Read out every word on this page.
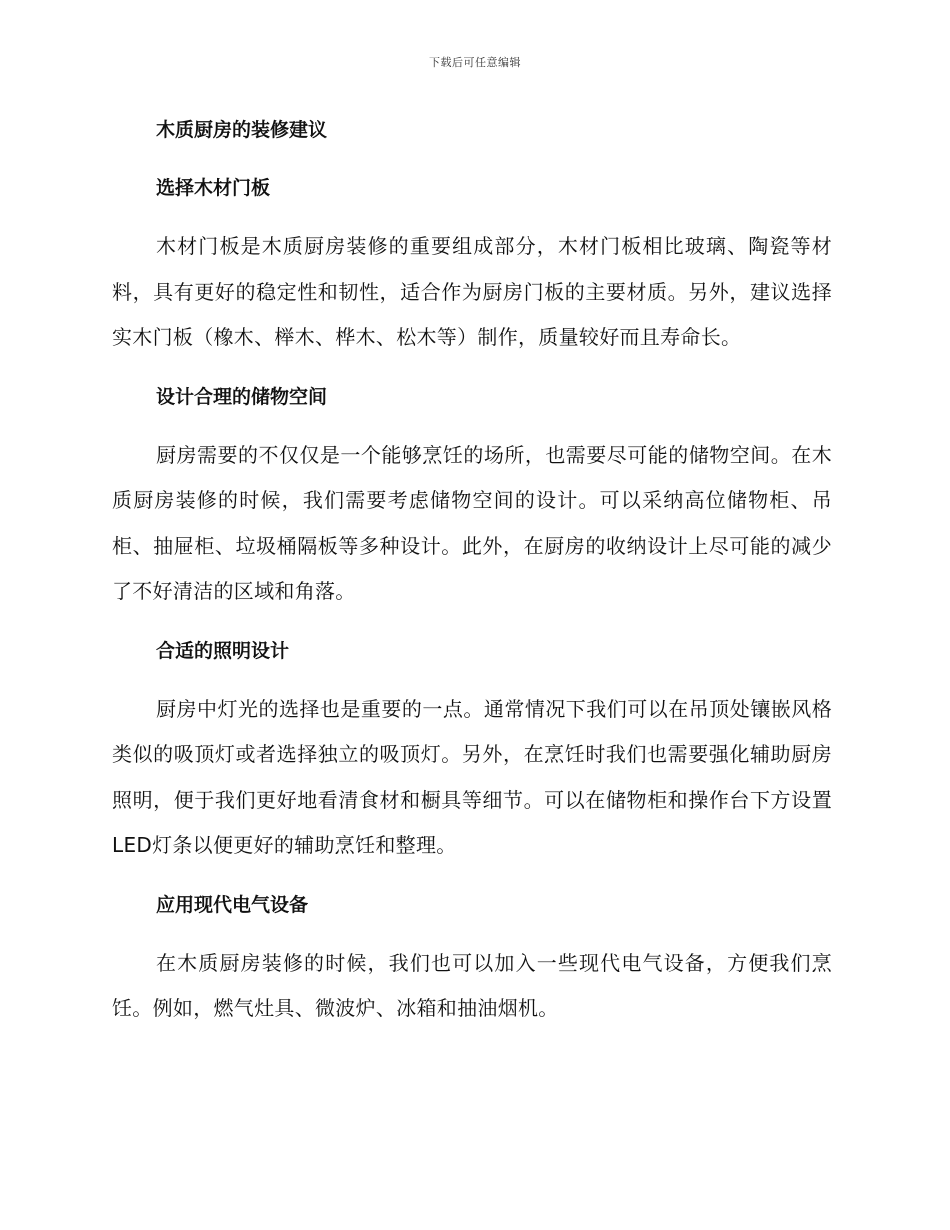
下载后可任意编辑
木质厨房的装修建议
选择木材门板

木材门板是木质厨房装修的重要组成部分，木材门板相比玻璃、陶瓷等材料，具有更好的稳定性和韧性，适合作为厨房门板的主要材质。另外，建议选择实木门板（橡木、榉木、桦木、松木等）制作，质量较好而且寿命长。

设计合理的储物空间

厨房需要的不仅仅是一个能够烹饪的场所，也需要尽可能的储物空间。在木质厨房装修的时候，我们需要考虑储物空间的设计。可以采纳高位储物柜、吊柜、抽屉柜、垃圾桶隔板等多种设计。此外，在厨房的收纳设计上尽可能的减少了不好清洁的区域和角落。

合适的照明设计

厨房中灯光的选择也是重要的一点。通常情况下我们可以在吊顶处镶嵌风格类似的吸顶灯或者选择独立的吸顶灯。另外，在烹饪时我们也需要强化辅助厨房照明，便于我们更好地看清食材和橱具等细节。可以在储物柜和操作台下方设置LED灯条以便更好的辅助烹饪和整理。

应用现代电气设备

在木质厨房装修的时候，我们也可以加入一些现代电气设备，方便我们烹饪。例如，燃气灶具、微波炉、冰箱和抽油烟机。
